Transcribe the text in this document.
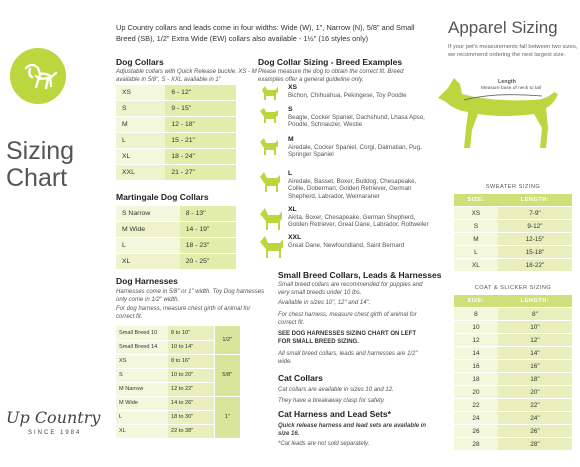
Sizing
Chart
Up Country
SINCE 1984
Up Country collars and leads come in four widths: Wide (W), 1", Narrow (N), 5/8" and Small Breed (SB), 1/2" Extra Wide (EW) collars also available - 1½" (16 styles only)
Dog Collars
Adjustable collars with Quick Release buckle. XS - M available in 5/8", S - XXL available in 1"
XS	6 - 12"
S	9 - 15"
M	12 - 18"
L	15 - 21"
XL	18 - 24"
XXL	21 - 27"
Martingale Dog Collars
S Narrow	8 - 13"
M Wide	14 - 19"
L	18 - 23"
XL	20 - 25"
Dog Harnesses
Harnesses come in 5/8" or 1" width. Toy Dog harnesses only come in 1/2" width.
For dog harness, measure chest girth of animal for correct fit.
Small Breed 10	8 to 10"	1/2"
Small Breed 14	10 to 14"	
XS	8 to 16"	5/8"
S	10 to 20"	
M Narrow	12 to 22"	
M Wide	14 to 26"	1"
L	18 to 30"	
XL	22 to 38"	
Dog Collar Sizing - Breed Examples
Please measure the dog to obtain the correct fit. Breed examples offer a general guideline only.
XS
Bichon, Chihuahua, Pekingese, Toy Poodle
S
Beagle, Cocker Spaniel, Dachshund, Lhasa Apso, Poodle, Schnauzer, Westie
M
Airedale, Cocker Spaniel, Corgi, Dalmatian, Pug, Springer Spaniel
L
Airedale, Basset, Boxer, Bulldog, Chesapeake, Collie, Doberman, Golden Retriever, German Shepherd, Labrador, Weimaraner
XL
Akita, Boxer, Chesapeake, German Shepherd, Golden Retriever, Great Dane, Labrador, Rottweiler
XXL
Great Dane, Newfoundland, Saint Bernard
Small Breed Collars, Leads & Harnesses
Small breed collars are recommended for puppies and very small breeds under 10 lbs.
Available in sizes 10", 12" and 14".
For chest harness, measure chest girth of animal for correct fit.
SEE DOG HARNESSES SIZING CHART ON LEFT FOR SMALL BREED SIZING.
All small breed collars, leads and harnesses are 1/2" wide.
Cat Collars
Cat collars are available in sizes 10 and 12.
They have a breakaway clasp for safety.
Cat Harness and Lead Sets*
Quick release harness and lead sets are available in size 16.
*Cat leads are not sold separately.
Apparel Sizing
If your pet's measurements fall between two sizes, we recommend ordering the next largest size.
Length
Measure base of neck to tail
SWEATER SIZING
SIZE:	LENGTH:
XS	7-9"
S	9-12"
M	12-15"
L	15-18"
XL	18-22"
COAT & SLICKER SIZING
SIZE:	LENGTH:
8	8"
10	10"
12	12"
14	14"
16	16"
18	18"
20	20"
22	22"
24	24"
26	26"
28	28"
